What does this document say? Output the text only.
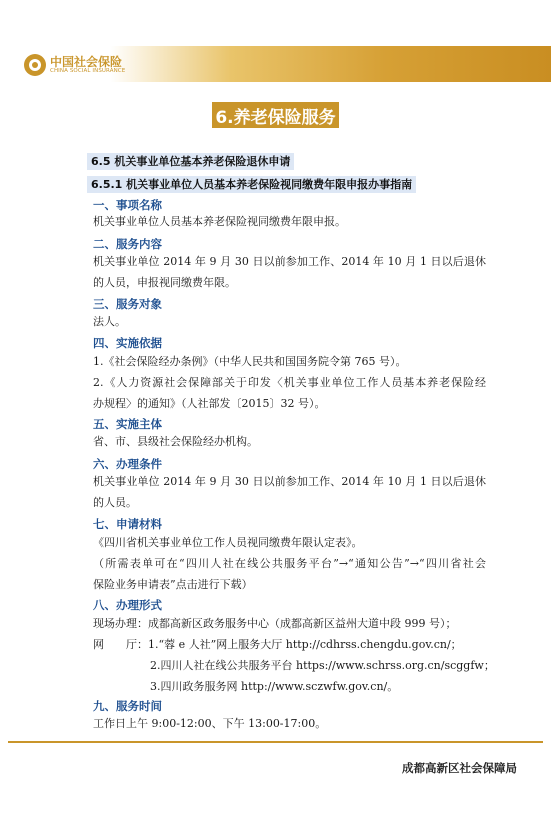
中国社会保险
CHINA SOCIAL INSURANCE
6.养老保险服务
6.5 机关事业单位基本养老保险退休申请
6.5.1 机关事业单位人员基本养老保险视同缴费年限申报办事指南
一、事项名称
机关事业单位人员基本养老保险视同缴费年限申报。
二、服务内容
机关事业单位 2014 年 9 月 30 日以前参加工作、2014 年 10 月 1 日以后退休
的人员，申报视同缴费年限。
三、服务对象
法人。
四、实施依据
1.《社会保险经办条例》（中华人民共和国国务院令第 765 号）。
2.《人力资源社会保障部关于印发〈机关事业单位工作人员基本养老保险经
办规程〉的通知》（人社部发〔2015〕32 号）。
五、实施主体
省、市、县级社会保险经办机构。
六、办理条件
机关事业单位 2014 年 9 月 30 日以前参加工作、2014 年 10 月 1 日以后退休
的人员。
七、申请材料
《四川省机关事业单位工作人员视同缴费年限认定表》。
（所需表单可在“四川人社在线公共服务平台”→“通知公告”→“四川省社会
保险业务申请表”点击进行下载）
八、办理形式
现场办理：成都高新区政务服务中心（成都高新区益州大道中段 999 号）；
网　　厅：1.“蓉 e 人社”网上服务大厅 http://cdhrss.chengdu.gov.cn/；
2.四川人社在线公共服务平台 https://www.schrss.org.cn/scggfw；
3.四川政务服务网 http://www.sczwfw.gov.cn/。
九、服务时间
工作日上午 9:00-12:00、下午 13:00-17:00。
成都高新区社会保障局
